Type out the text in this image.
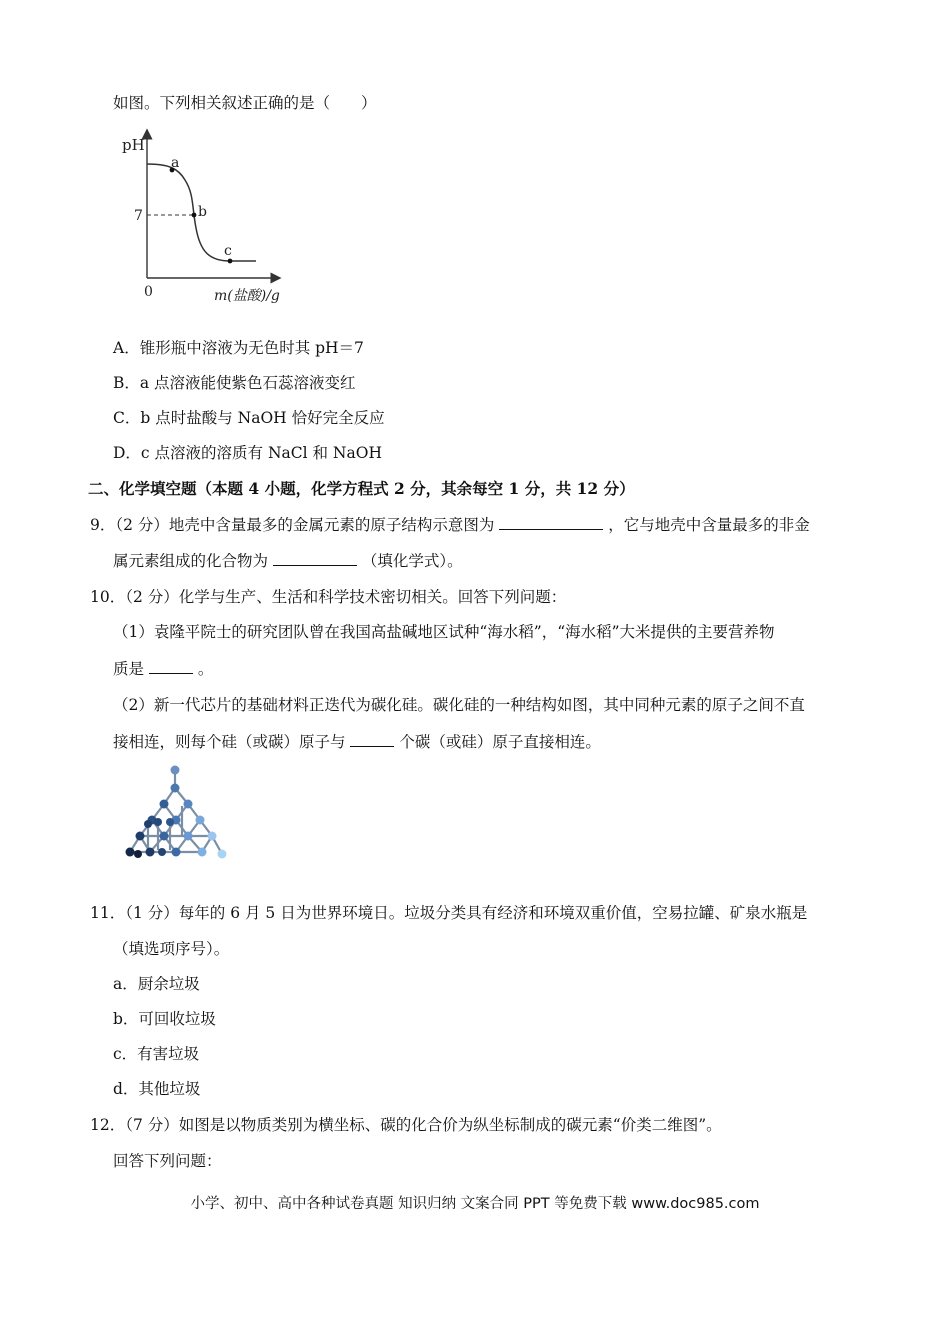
如图。下列相关叙述正确的是（　　）
pH
0
7
a
b
c
m(盐酸)/g
A．锥形瓶中溶液为无色时其 pH＝7
B．a 点溶液能使紫色石蕊溶液变红
C．b 点时盐酸与 NaOH 恰好完全反应
D．c 点溶液的溶质有 NaCl 和 NaOH
二、化学填空题（本题 4 小题，化学方程式 2 分，其余每空 1 分，共 12 分）
9．（2 分）地壳中含量最多的金属元素的原子结构示意图为	，它与地壳中含量最多的非金
属元素组成的化合物为	（填化学式）。
10．（2 分）化学与生产、生活和科学技术密切相关。回答下列问题：
（1）袁隆平院士的研究团队曾在我国高盐碱地区试种“海水稻”，“海水稻”大米提供的主要营养物
质是	。
（2）新一代芯片的基础材料正迭代为碳化硅。碳化硅的一种结构如图，其中同种元素的原子之间不直
接相连，则每个硅（或碳）原子与	个碳（或硅）原子直接相连。
11．（1 分）每年的 6 月 5 日为世界环境日。垃圾分类具有经济和环境双重价值，空易拉罐、矿泉水瓶是
（填选项序号）。
a．厨余垃圾
b．可回收垃圾
c．有害垃圾
d．其他垃圾
12．（7 分）如图是以物质类别为横坐标、碳的化合价为纵坐标制成的碳元素“价类二维图”。
回答下列问题：
小学、初中、高中各种试卷真题 知识归纳 文案合同 PPT 等免费下载 www.doc985.com
